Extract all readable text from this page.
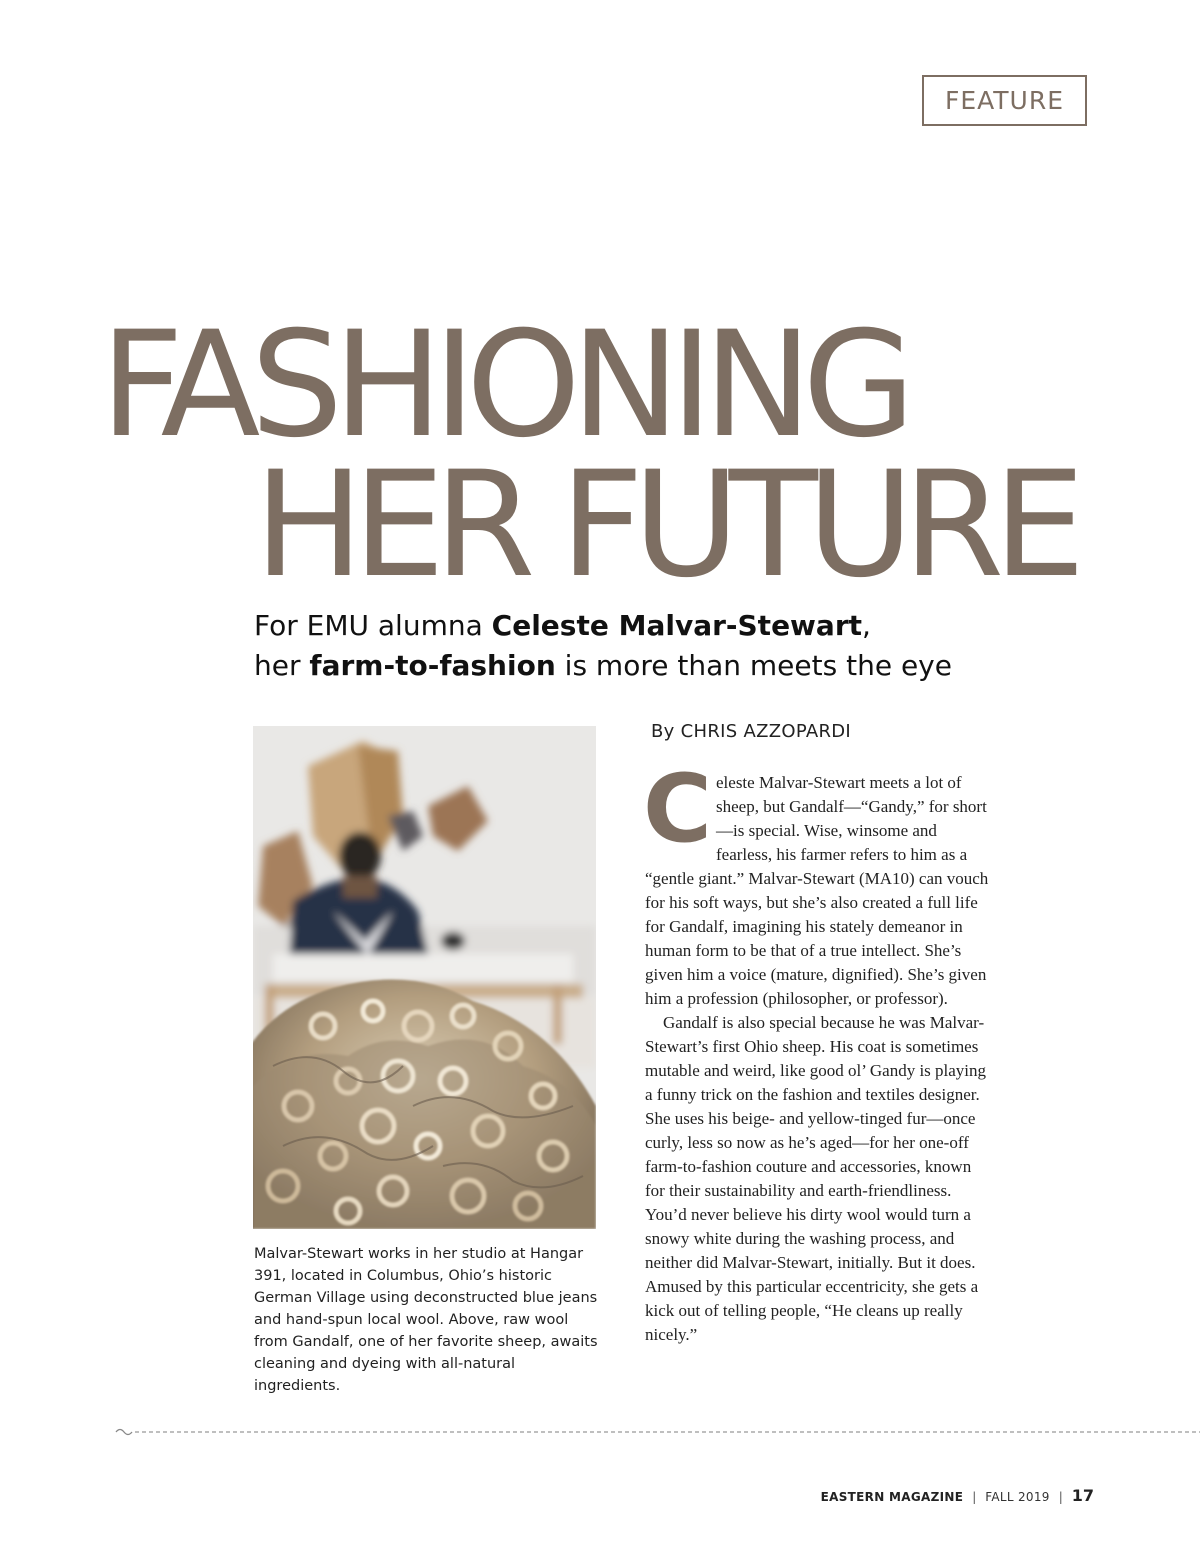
FEATURE
FASHIONING
HER FUTURE
For EMU alumna Celeste Malvar-Stewart,
her farm-to-fashion is more than meets the eye
Malvar-Stewart works in her studio at Hangar 391, located in Columbus, Ohio’s historic German Village using deconstructed blue jeans and hand-spun local wool. Above, raw wool from Gandalf, one of her favorite sheep, awaits cleaning and dyeing with all-natural ingredients.
By CHRIS AZZOPARDI

Celeste Malvar-Stewart meets a lot of sheep, but Gandalf—“Gandy,” for short—is special. Wise, winsome and fearless, his farmer refers to him as a “gentle giant.” Malvar-Stewart (MA10) can vouch for his soft ways, but she’s also created a full life for Gandalf, imagining his stately demeanor in human form to be that of a true intellect. She’s given him a voice (mature, dignified). She’s given him a profession (philosopher, or professor).

Gandalf is also special because he was Malvar-Stewart’s first Ohio sheep. His coat is sometimes mutable and weird, like good ol’ Gandy is playing a funny trick on the fashion and textiles designer. She uses his beige- and yellow-tinged fur—once curly, less so now as he’s aged—for her one-off farm-to-fashion couture and accessories, known for their sustainability and earth-friendliness. You’d never believe his dirty wool would turn a snowy white during the washing process, and neither did Malvar-Stewart, initially. But it does. Amused by this particular eccentricity, she gets a kick out of telling people, “He cleans up really nicely.”

EASTERN MAGAZINE | FALL 2019 | 17
